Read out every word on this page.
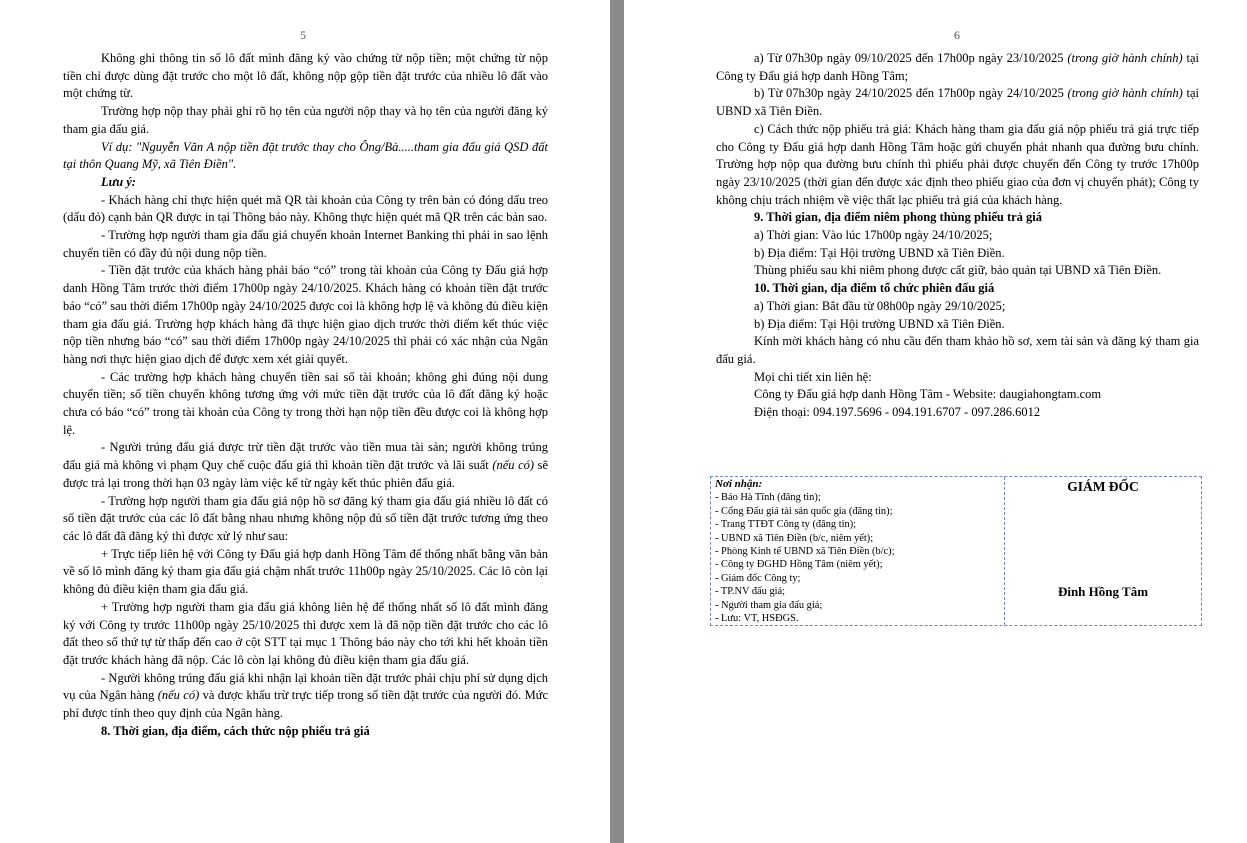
5

Không ghi thông tin số lô đất mình đăng ký vào chứng từ nộp tiền; một chứng từ nộp tiền chỉ được dùng đặt trước cho một lô đất, không nộp gộp tiền đặt trước của nhiều lô đất vào một chứng từ.

Trường hợp nộp thay phải ghi rõ họ tên của người nộp thay và họ tên của người đăng ký tham gia đấu giá.

Ví dụ: "Nguyễn Văn A nộp tiền đặt trước thay cho Ông/Bà.....tham gia đấu giá QSD đất tại thôn Quang Mỹ, xã Tiên Điền".

Lưu ý:

- Khách hàng chỉ thực hiện quét mã QR tài khoản của Công ty trên bản có đóng dấu treo (dấu đỏ) cạnh bản QR được in tại Thông báo này. Không thực hiện quét mã QR trên các bản sao.

- Trường hợp người tham gia đấu giá chuyển khoản Internet Banking thì phải in sao lệnh chuyển tiền có đầy đủ nội dung nộp tiền.

- Tiền đặt trước của khách hàng phải báo “có” trong tài khoản của Công ty Đấu giá hợp danh Hồng Tâm trước thời điểm 17h00p ngày 24/10/2025. Khách hàng có khoản tiền đặt trước báo “có” sau thời điểm 17h00p ngày 24/10/2025 được coi là không hợp lệ và không đủ điều kiện tham gia đấu giá. Trường hợp khách hàng đã thực hiện giao dịch trước thời điểm kết thúc việc nộp tiền nhưng báo “có” sau thời điểm 17h00p ngày 24/10/2025 thì phải có xác nhận của Ngân hàng nơi thực hiện giao dịch để được xem xét giải quyết.

- Các trường hợp khách hàng chuyển tiền sai số tài khoản; không ghi đúng nội dung chuyển tiền; số tiền chuyển không tương ứng với mức tiền đặt trước của lô đất đăng ký hoặc chưa có báo “có” trong tài khoản của Công ty trong thời hạn nộp tiền đều được coi là không hợp lệ.

- Người trúng đấu giá được trừ tiền đặt trước vào tiền mua tài sản; người không trúng đấu giá mà không vi phạm Quy chế cuộc đấu giá thì khoản tiền đặt trước và lãi suất (nếu có) sẽ được trả lại trong thời hạn 03 ngày làm việc kể từ ngày kết thúc phiên đấu giá.

- Trường hợp người tham gia đấu giá nộp hồ sơ đăng ký tham gia đấu giá nhiều lô đất có số tiền đặt trước của các lô đất bằng nhau nhưng không nộp đủ số tiền đặt trước tương ứng theo các lô đất đã đăng ký thì được xử lý như sau:

+ Trực tiếp liên hệ với Công ty Đấu giá hợp danh Hồng Tâm để thống nhất bằng văn bản về số lô mình đăng ký tham gia đấu giá chậm nhất trước 11h00p ngày 25/10/2025. Các lô còn lại không đủ điều kiện tham gia đấu giá.

+ Trường hợp người tham gia đấu giá không liên hệ để thống nhất số lô đất mình đăng ký với Công ty trước 11h00p ngày 25/10/2025 thì được xem là đã nộp tiền đặt trước cho các lô đất theo số thứ tự từ thấp đến cao ở cột STT tại mục 1 Thông báo này cho tới khi hết khoản tiền đặt trước khách hàng đã nộp. Các lô còn lại không đủ điều kiện tham gia đấu giá.

- Người không trúng đấu giá khi nhận lại khoản tiền đặt trước phải chịu phí sử dụng dịch vụ của Ngân hàng (nếu có) và được khấu trừ trực tiếp trong số tiền đặt trước của người đó. Mức phí được tính theo quy định của Ngân hàng.

8. Thời gian, địa điểm, cách thức nộp phiếu trả giá

6

a) Từ 07h30p ngày 09/10/2025 đến 17h00p ngày 23/10/2025 (trong giờ hành chính) tại Công ty Đấu giá hợp danh Hồng Tâm;

b) Từ 07h30p ngày 24/10/2025 đến 17h00p ngày 24/10/2025 (trong giờ hành chính) tại UBND xã Tiên Điền.

c) Cách thức nộp phiếu trả giá: Khách hàng tham gia đấu giá nộp phiếu trả giá trực tiếp cho Công ty Đấu giá hợp danh Hồng Tâm hoặc gửi chuyển phát nhanh qua đường bưu chính. Trường hợp nộp qua đường bưu chính thì phiếu phải được chuyển đến Công ty trước 17h00p ngày 23/10/2025 (thời gian đến được xác định theo phiếu giao của đơn vị chuyển phát); Công ty không chịu trách nhiệm về việc thất lạc phiếu trả giá của khách hàng.

9. Thời gian, địa điểm niêm phong thùng phiếu trả giá

a) Thời gian: Vào lúc 17h00p ngày 24/10/2025;

b) Địa điểm: Tại Hội trường UBND xã Tiên Điền.

Thùng phiếu sau khi niêm phong được cất giữ, bảo quản tại UBND xã Tiên Điền.

10. Thời gian, địa điểm tổ chức phiên đấu giá

a) Thời gian: Bắt đầu từ 08h00p ngày 29/10/2025;

b) Địa điểm: Tại Hội trường UBND xã Tiên Điền.

Kính mời khách hàng có nhu cầu đến tham khảo hồ sơ, xem tài sản và đăng ký tham gia đấu giá.

Mọi chi tiết xin liên hệ:

Công ty Đấu giá hợp danh Hồng Tâm - Website: daugiahongtam.com

Điện thoại: 094.197.5696 - 094.191.6707 - 097.286.6012

Nơi nhận:
- Báo Hà Tĩnh (đăng tin);
- Cổng Đấu giá tài sản quốc gia (đăng tin);
- Trang TTĐT Công ty (đăng tin);
- UBND xã Tiên Điền (b/c, niêm yết);
- Phòng Kinh tế UBND xã Tiên Điền (b/c);
- Công ty ĐGHD Hồng Tâm (niêm yết);
- Giám đốc Công ty;
- TP.NV đấu giá;
- Người tham gia đấu giá;
- Lưu: VT, HSĐGS.
GIÁM ĐỐC
Đinh Hồng Tâm
